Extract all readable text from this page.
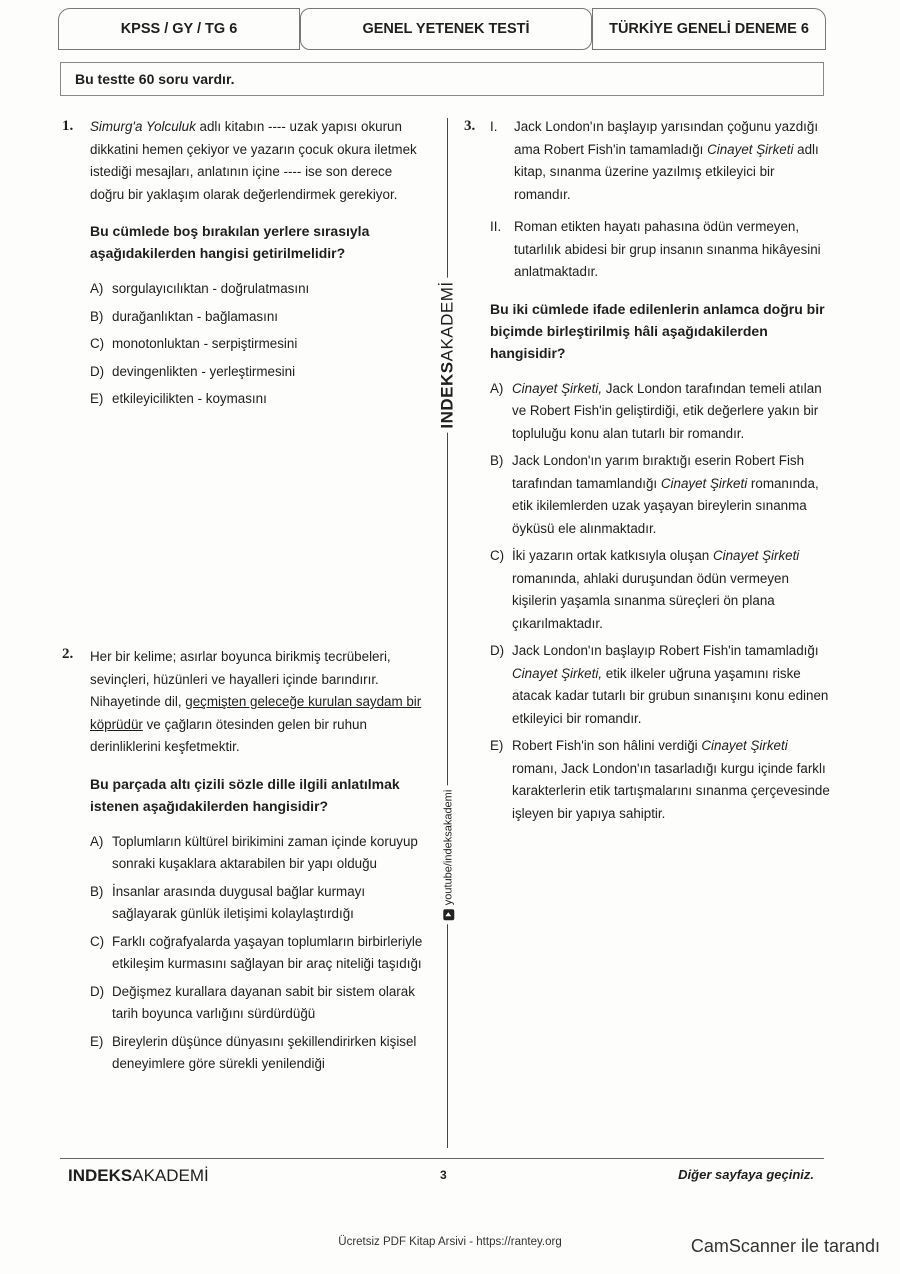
KPSS / GY / TG 6	GENEL YETENEK TESTİ	TÜRKİYE GENELİ DENEME 6
Bu testte 60 soru vardır.
1. Simurg'a Yolculuk adlı kitabın ---- uzak yapısı okurun dikkatini hemen çekiyor ve yazarın çocuk okura iletmek istediği mesajları, anlatının içine ---- ise son derece doğru bir yaklaşım olarak değerlendirmek gerekiyor.

Bu cümlede boş bırakılan yerlere sırasıyla aşağıdakilerden hangisi getirilmelidir?
A) sorgulayıcılıktan - doğrulatmasını
B) durağanlıktan - bağlamasını
C) monotonluktan - serpiştirmesini
D) devingenlikten - yerleştirmesini
E) etkileyicilikten - koymasını
2. Her bir kelime; asırlar boyunca birikmiş tecrübeleri, sevinçleri, hüzünleri ve hayalleri içinde barındırır. Nihayetinde dil, geçmişten geleceğe kurulan saydam bir köprüdür ve çağların ötesinden gelen bir ruhun derinliklerini keşfetmektir.

Bu parçada altı çizili sözle dille ilgili anlatılmak istenen aşağıdakilerden hangisidir?
A) Toplumların kültürel birikimini zaman içinde koruyup sonraki kuşaklara aktarabilen bir yapı olduğu
B) İnsanlar arasında duygusal bağlar kurmayı sağlayarak günlük iletişimi kolaylaştırdığı
C) Farklı coğrafyalarda yaşayan toplumların birbirleriyle etkileşim kurmasını sağlayan bir araç niteliği taşıdığı
D) Değişmez kurallara dayanan sabit bir sistem olarak tarih boyunca varlığını sürdürdüğü
E) Bireylerin düşünce dünyasını şekillendirirken kişisel deneyimlere göre sürekli yenilendiği
INDEKSAKADEMİ
youtube/indeksakademi
3. I.	Jack London'ın başlayıp yarısından çoğunu yazdığı ama Robert Fish'in tamamladığı Cinayet Şirketi adlı kitap, sınanma üzerine yazılmış etkileyici bir romandır.
II. Roman etikten hayatı pahasına ödün vermeyen, tutarlılık abidesi bir grup insanın sınanma hikâyesini anlatmaktadır.
Bu iki cümlede ifade edilenlerin anlamca doğru bir biçimde birleştirilmiş hâli aşağıdakilerden hangisidir?
A) Cinayet Şirketi, Jack London tarafından temeli atılan ve Robert Fish'in geliştirdiği, etik değerlere yakın bir topluluğu konu alan tutarlı bir romandır.
B) Jack London'ın yarım bıraktığı eserin Robert Fish tarafından tamamlandığı Cinayet Şirketi romanında, etik ikilemlerden uzak yaşayan bireylerin sınanma öyküsü ele alınmaktadır.
C) İki yazarın ortak katkısıyla oluşan Cinayet Şirketi romanında, ahlaki duruşundan ödün vermeyen kişilerin yaşamla sınanma süreçleri ön plana çıkarılmaktadır.
D) Jack London'ın başlayıp Robert Fish'in tamamladığı Cinayet Şirketi, etik ilkeler uğruna yaşamını riske atacak kadar tutarlı bir grubun sınanışını konu edinen etkileyici bir romandır.
E) Robert Fish'in son hâlini verdiği Cinayet Şirketi romanı, Jack London'ın tasarladığı kurgu içinde farklı karakterlerin etik tartışmalarını sınanma çerçevesinde işleyen bir yapıya sahiptir.
INDEKSAKADEMİ	3	Diğer sayfaya geçiniz.
Ücretsiz PDF Kitap Arsivi - https://rantey.org	CamScanner ile tarandı
